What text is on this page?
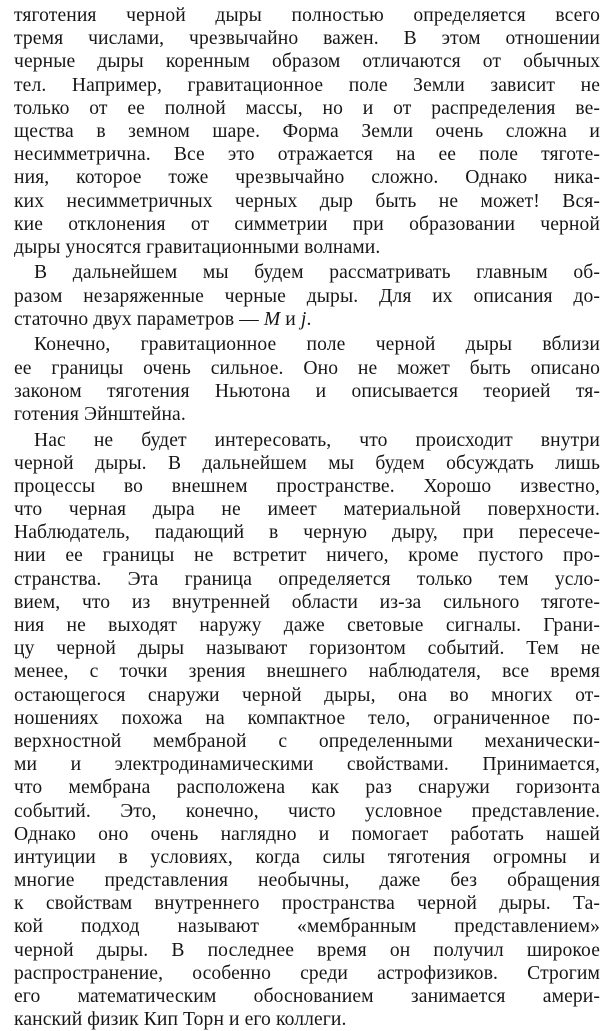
тяготения черной дыры полностью определяется всего
тремя числами, чрезвычайно важен. В этом отношении
черные дыры коренным образом отличаются от обычных
тел. Например, гравитационное поле Земли зависит не
только от ее полной массы, но и от распределения ве-
щества в земном шаре. Форма Земли очень сложна и
несимметрична. Все это отражается на ее поле тяготе-
ния, которое тоже чрезвычайно сложно. Однако ника-
ких несимметричных черных дыр быть не может! Вся-
кие отклонения от симметрии при образовании черной
дыры уносятся гравитационными волнами.
В дальнейшем мы будем рассматривать главным об-
разом незаряженные черные дыры. Для их описания до-
статочно двух параметров — M и j.
Конечно, гравитационное поле черной дыры вблизи
ее границы очень сильное. Оно не может быть описано
законом тяготения Ньютона и описывается теорией тя-
готения Эйнштейна.
Нас не будет интересовать, что происходит внутри
черной дыры. В дальнейшем мы будем обсуждать лишь
процессы во внешнем пространстве. Хорошо известно,
что черная дыра не имеет материальной поверхности.
Наблюдатель, падающий в черную дыру, при пересече-
нии ее границы не встретит ничего, кроме пустого про-
странства. Эта граница определяется только тем усло-
вием, что из внутренней области из-за сильного тяготе-
ния не выходят наружу даже световые сигналы. Грани-
цу черной дыры называют горизонтом событий. Тем не
менее, с точки зрения внешнего наблюдателя, все время
остающегося снаружи черной дыры, она во многих от-
ношениях похожа на компактное тело, ограниченное по-
верхностной мембраной с определенными механически-
ми и электродинамическими свойствами. Принимается,
что мембрана расположена как раз снаружи горизонта
событий. Это, конечно, чисто условное представление.
Однако оно очень наглядно и помогает работать нашей
интуиции в условиях, когда силы тяготения огромны и
многие представления необычны, даже без обращения
к свойствам внутреннего пространства черной дыры. Та-
кой подход называют «мембранным представлением»
черной дыры. В последнее время он получил широкое
распространение, особенно среди астрофизиков. Строгим
его математическим обоснованием занимается амери-
канский физик Кип Торн и его коллеги.
